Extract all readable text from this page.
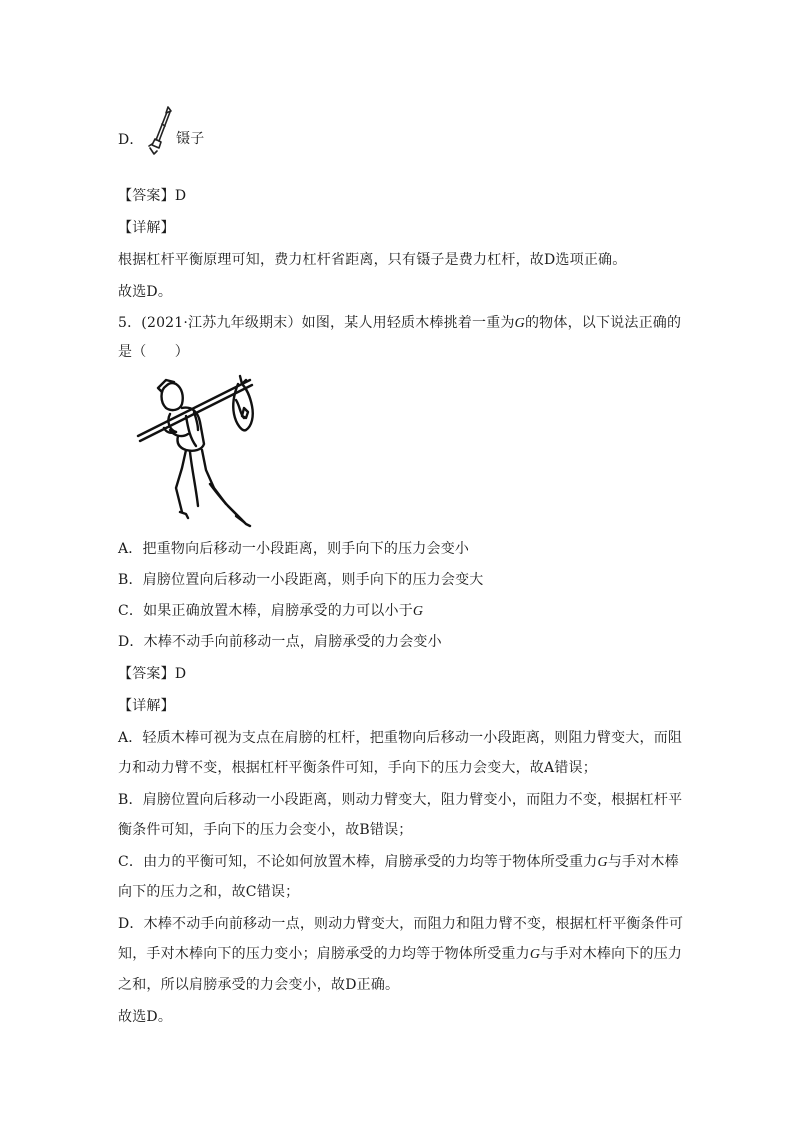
D． 镊子
【答案】D
【详解】
根据杠杆平衡原理可知，费力杠杆省距离，只有镊子是费力杠杆，故D选项正确。
故选D。
5．(2021·江苏九年级期末）如图，某人用轻质木棒挑着一重为G的物体，以下说法正确的
是（　　）
A．把重物向后移动一小段距离，则手向下的压力会变小
B．肩膀位置向后移动一小段距离，则手向下的压力会变大
C．如果正确放置木棒，肩膀承受的力可以小于G
D．木棒不动手向前移动一点，肩膀承受的力会变小
【答案】D
【详解】
A．轻质木棒可视为支点在肩膀的杠杆，把重物向后移动一小段距离，则阻力臂变大，而阻
力和动力臂不变，根据杠杆平衡条件可知，手向下的压力会变大，故A错误；
B．肩膀位置向后移动一小段距离，则动力臂变大，阻力臂变小，而阻力不变，根据杠杆平
衡条件可知，手向下的压力会变小，故B错误；
C．由力的平衡可知，不论如何放置木棒，肩膀承受的力均等于物体所受重力G与手对木棒
向下的压力之和，故C错误；
D．木棒不动手向前移动一点，则动力臂变大，而阻力和阻力臂不变，根据杠杆平衡条件可
知，手对木棒向下的压力变小；肩膀承受的力均等于物体所受重力G与手对木棒向下的压力
之和，所以肩膀承受的力会变小，故D正确。
故选D。
